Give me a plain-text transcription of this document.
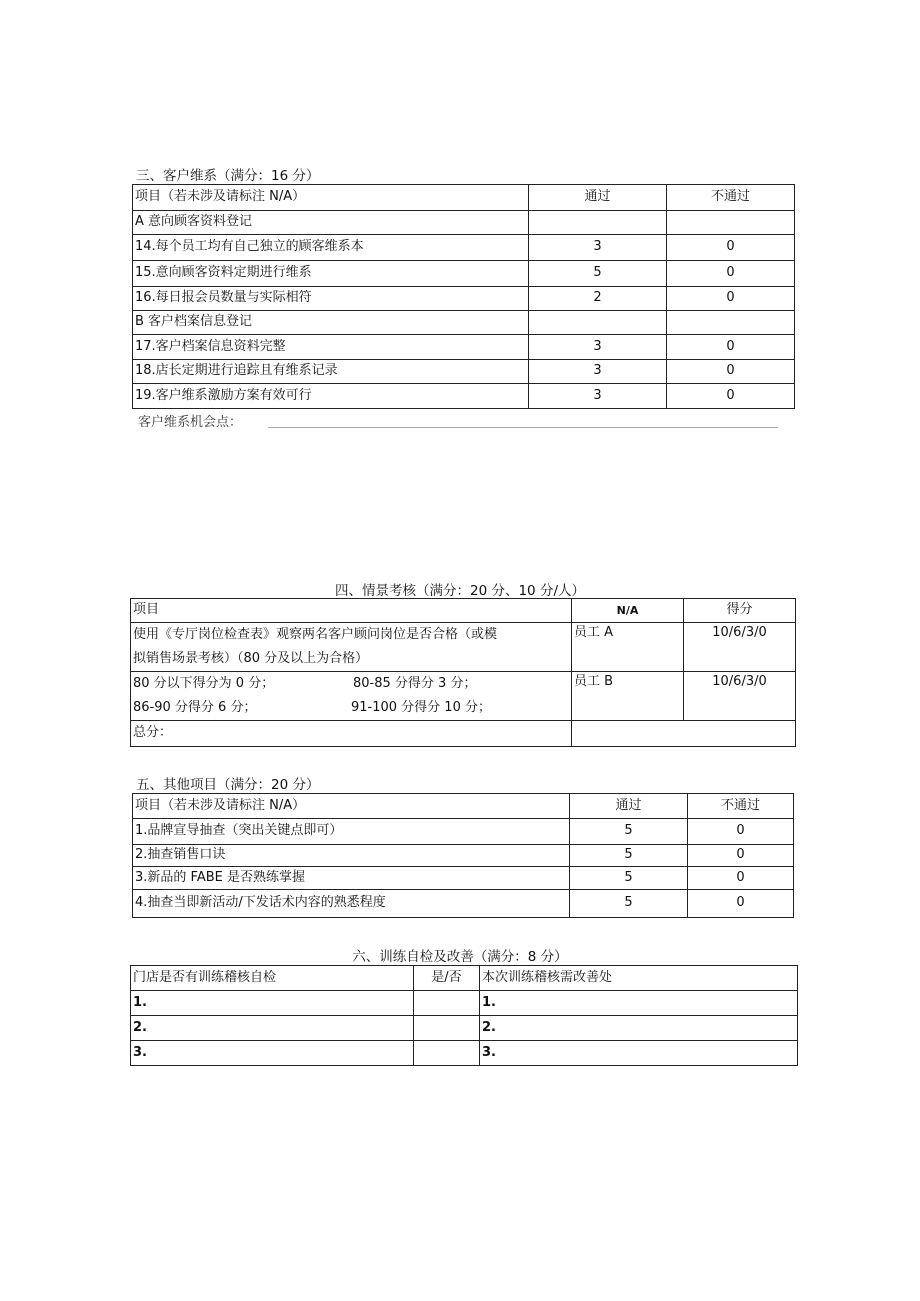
三、客户维系（满分：16 分）
项目（若未涉及请标注 N/A）	通过	不通过
A 意向顾客资料登记		
14.每个员工均有自己独立的顾客维系本	3	0
15.意向顾客资料定期进行维系	5	0
16.每日报会员数量与实际相符	2	0
B 客户档案信息登记		
17.客户档案信息资料完整	3	0
18.店长定期进行追踪且有维系记录	3	0
19.客户维系激励方案有效可行	3	0
客户维系机会点：
四、情景考核（满分：20 分、10 分/人）
项目	N/A	得分

使用《专厅岗位检查表》观察两名客户顾问岗位是否合格（或模
拟销售场景考核）（80 分及以上为合格）	员工 A	10/6/3/0

80 分以下得分为 0 分； 80-85 分得分 3 分；
86-90 分得分 6 分； 91-100 分得分 10 分；	员工 B	10/6/3/0
总分：		
五、其他项目（满分：20 分）
项目（若未涉及请标注 N/A）	通过	不通过
1.品牌宣导抽查（突出关键点即可）	5	0
2.抽查销售口诀	5	0
3.新品的 FABE 是否熟练掌握	5	0
4.抽查当即新活动/下发话术内容的熟悉程度	5	0
六、训练自检及改善（满分：8 分）
门店是否有训练稽核自检	是/否	本次训练稽核需改善处
1.		1.
2.		2.
3.		3.
